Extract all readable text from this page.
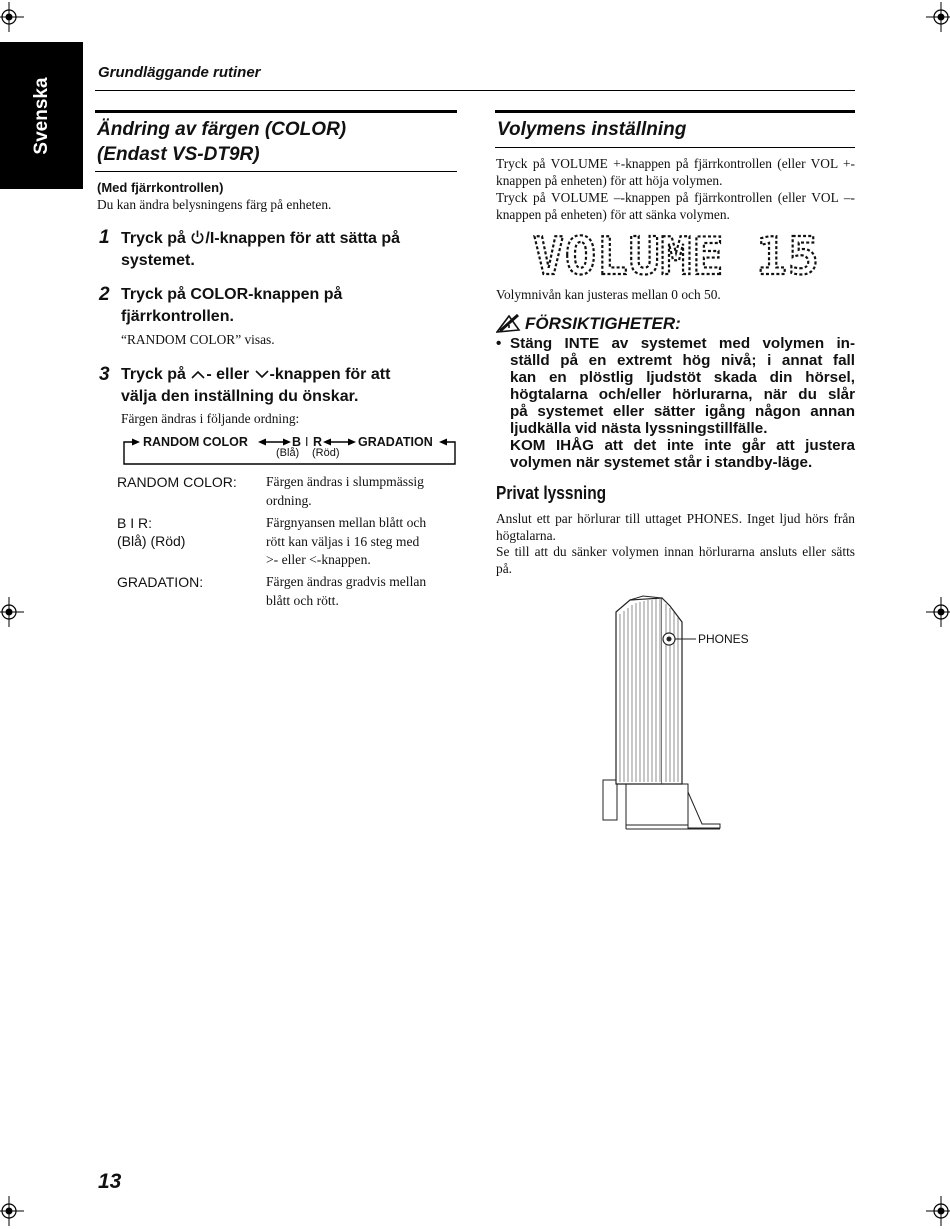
Svenska
Grundläggande rutiner
Ändring av färgen (COLOR)
(Endast VS-DT9R)
(Med fjärrkontrollen)
Du kan ändra belysningens färg på enheten.
1 Tryck på /I-knappen för att sätta på
systemet.
2 Tryck på COLOR-knappen på
fjärrkontrollen.
“RANDOM COLOR” visas.
3 Tryck på - eller -knappen för att
välja den inställning du önskar.
Färgen ändras i följande ordning:
RANDOM COLOR	B I R	GRADATION
(Blå) (Röd)
RANDOM COLOR: Färgen ändras i slumpmässig
ordning.
B I R:
(Blå) (Röd)
Färgnyansen mellan blått och
rött kan väljas i 16 steg med
>- eller <-knappen.
GRADATION:	Färgen ändras gradvis mellan
blått och rött.
Volymens inställning
Tryck på VOLUME +-knappen på fjärrkontrollen (eller VOL +-knappen på enheten) för att höja volymen.
Tryck på VOLUME –-knappen på fjärrkontrollen (eller VOL –-knappen på enheten) för att sänka volymen.
VOLUME 15
Volymnivån kan justeras mellan 0 och 50.
FÖRSIKTIGHETER:
• Stäng INTE av systemet med volymen in-
ställd på en extremt hög nivå; i annat fall
kan en plöstlig ljudstöt skada din hörsel,
högtalarna och/eller hörlurarna, när du slår
på systemet eller sätter igång någon annan
ljudkälla vid nästa lyssningstillfälle.
KOM IHÅG att det inte inte går att justera
volymen när systemet står i standby-läge.
Privat lyssning
Anslut ett par hörlurar till uttaget PHONES. Inget ljud hörs från högtalarna.
Se till att du sänker volymen innan hörlurarna ansluts eller sätts på.
PHONES
13
